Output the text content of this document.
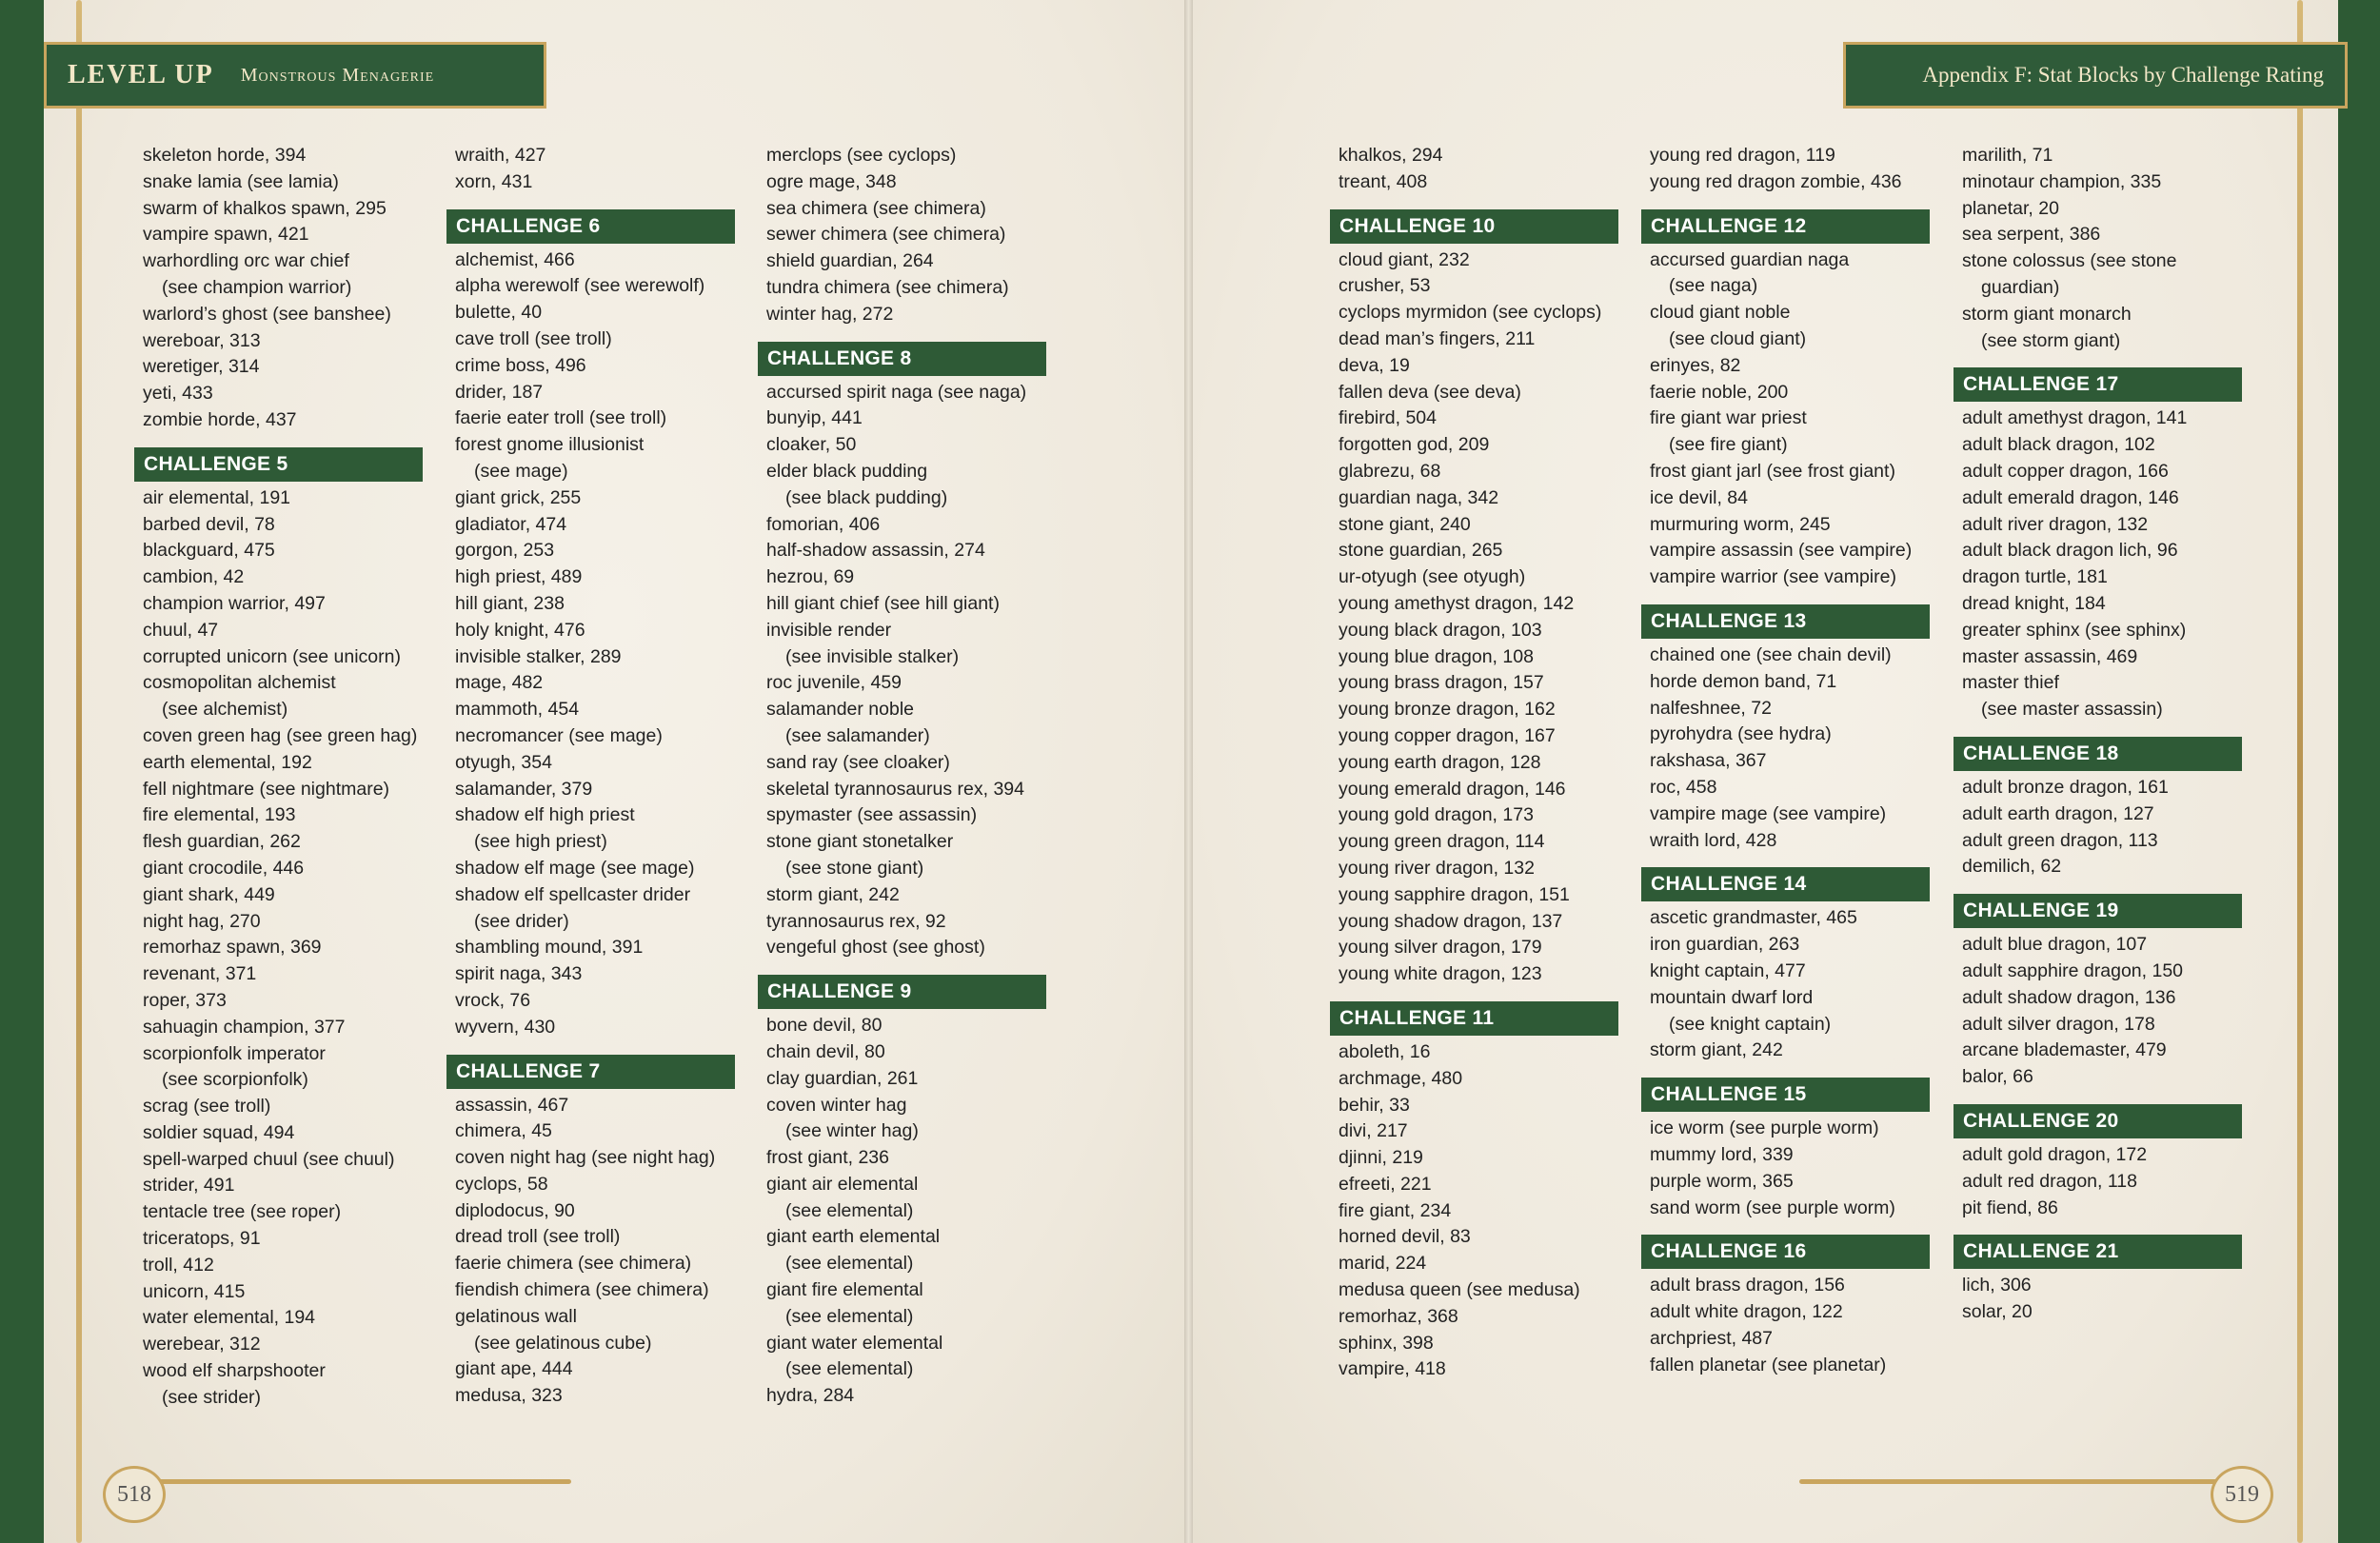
LEVEL UP Monstrous Menagerie	Appendix F: Stat Blocks by Challenge Rating
skeleton horde, 394
snake lamia (see lamia)
swarm of khalkos spawn, 295
vampire spawn, 421
warhordling orc war chief
(see champion warrior)
warlord’s ghost (see banshee)
wereboar, 313
weretiger, 314
yeti, 433
zombie horde, 437
CHALLENGE 5
air elemental, 191
barbed devil, 78
blackguard, 475
cambion, 42
champion warrior, 497
chuul, 47
corrupted unicorn (see unicorn)
cosmopolitan alchemist
(see alchemist)
coven green hag (see green hag)
earth elemental, 192
fell nightmare (see nightmare)
fire elemental, 193
flesh guardian, 262
giant crocodile, 446
giant shark, 449
night hag, 270
remorhaz spawn, 369
revenant, 371
roper, 373
sahuagin champion, 377
scorpionfolk imperator
(see scorpionfolk)
scrag (see troll)
soldier squad, 494
spell-warped chuul (see chuul)
strider, 491
tentacle tree (see roper)
triceratops, 91
troll, 412
unicorn, 415
water elemental, 194
werebear, 312
wood elf sharpshooter
(see strider)
wraith, 427
xorn, 431
CHALLENGE 6
alchemist, 466
alpha werewolf (see werewolf)
bulette, 40
cave troll (see troll)
crime boss, 496
drider, 187
faerie eater troll (see troll)
forest gnome illusionist
(see mage)
giant grick, 255
gladiator, 474
gorgon, 253
high priest, 489
hill giant, 238
holy knight, 476
invisible stalker, 289
mage, 482
mammoth, 454
necromancer (see mage)
otyugh, 354
salamander, 379
shadow elf high priest
(see high priest)
shadow elf mage (see mage)
shadow elf spellcaster drider
(see drider)
shambling mound, 391
spirit naga, 343
vrock, 76
wyvern, 430
CHALLENGE 7
assassin, 467
chimera, 45
coven night hag (see night hag)
cyclops, 58
diplodocus, 90
dread troll (see troll)
faerie chimera (see chimera)
fiendish chimera (see chimera)
gelatinous wall
(see gelatinous cube)
giant ape, 444
medusa, 323
merclops (see cyclops)
ogre mage, 348
sea chimera (see chimera)
sewer chimera (see chimera)
shield guardian, 264
tundra chimera (see chimera)
winter hag, 272
CHALLENGE 8
accursed spirit naga (see naga)
bunyip, 441
cloaker, 50
elder black pudding
(see black pudding)
fomorian, 406
half-shadow assassin, 274
hezrou, 69
hill giant chief (see hill giant)
invisible render
(see invisible stalker)
roc juvenile, 459
salamander noble
(see salamander)
sand ray (see cloaker)
skeletal tyrannosaurus rex, 394
spymaster (see assassin)
stone giant stonetalker
(see stone giant)
storm giant, 242
tyrannosaurus rex, 92
vengeful ghost (see ghost)
CHALLENGE 9
bone devil, 80
chain devil, 80
clay guardian, 261
coven winter hag
(see winter hag)
frost giant, 236
giant air elemental
(see elemental)
giant earth elemental
(see elemental)
giant fire elemental
(see elemental)
giant water elemental
(see elemental)
hydra, 284
khalkos, 294
treant, 408
CHALLENGE 10
cloud giant, 232
crusher, 53
cyclops myrmidon (see cyclops)
dead man’s fingers, 211
deva, 19
fallen deva (see deva)
firebird, 504
forgotten god, 209
glabrezu, 68
guardian naga, 342
stone giant, 240
stone guardian, 265
ur-otyugh (see otyugh)
young amethyst dragon, 142
young black dragon, 103
young blue dragon, 108
young brass dragon, 157
young bronze dragon, 162
young copper dragon, 167
young earth dragon, 128
young emerald dragon, 146
young gold dragon, 173
young green dragon, 114
young river dragon, 132
young sapphire dragon, 151
young shadow dragon, 137
young silver dragon, 179
young white dragon, 123
CHALLENGE 11
aboleth, 16
archmage, 480
behir, 33
divi, 217
djinni, 219
efreeti, 221
fire giant, 234
horned devil, 83
marid, 224
medusa queen (see medusa)
remorhaz, 368
sphinx, 398
vampire, 418
young red dragon, 119
young red dragon zombie, 436
CHALLENGE 12
accursed guardian naga
(see naga)
cloud giant noble
(see cloud giant)
erinyes, 82
faerie noble, 200
fire giant war priest
(see fire giant)
frost giant jarl (see frost giant)
ice devil, 84
murmuring worm, 245
vampire assassin (see vampire)
vampire warrior (see vampire)
CHALLENGE 13
chained one (see chain devil)
horde demon band, 71
nalfeshnee, 72
pyrohydra (see hydra)
rakshasa, 367
roc, 458
vampire mage (see vampire)
wraith lord, 428
CHALLENGE 14
ascetic grandmaster, 465
iron guardian, 263
knight captain, 477
mountain dwarf lord
(see knight captain)
storm giant, 242
CHALLENGE 15
ice worm (see purple worm)
mummy lord, 339
purple worm, 365
sand worm (see purple worm)
CHALLENGE 16
adult brass dragon, 156
adult white dragon, 122
archpriest, 487
fallen planetar (see planetar)
marilith, 71
minotaur champion, 335
planetar, 20
sea serpent, 386
stone colossus (see stone
guardian)
storm giant monarch
(see storm giant)
CHALLENGE 17
adult amethyst dragon, 141
adult black dragon, 102
adult copper dragon, 166
adult emerald dragon, 146
adult river dragon, 132
adult black dragon lich, 96
dragon turtle, 181
dread knight, 184
greater sphinx (see sphinx)
master assassin, 469
master thief
(see master assassin)
CHALLENGE 18
adult bronze dragon, 161
adult earth dragon, 127
adult green dragon, 113
demilich, 62
CHALLENGE 19
adult blue dragon, 107
adult sapphire dragon, 150
adult shadow dragon, 136
adult silver dragon, 178
arcane blademaster, 479
balor, 66
CHALLENGE 20
adult gold dragon, 172
adult red dragon, 118
pit fiend, 86
CHALLENGE 21
lich, 306
solar, 20
518	519
